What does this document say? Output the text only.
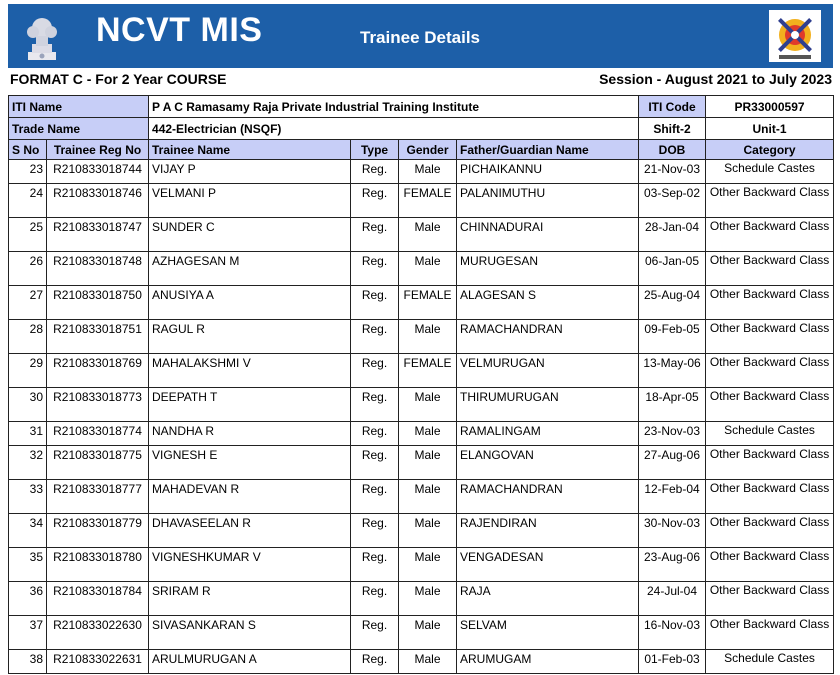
NCVT MIS	Trainee Details
FORMAT C - For 2 Year COURSE	Session - August 2021 to July 2023
ITI Name		P A C Ramasamy Raja Private Industrial Training Institute				ITI Code	PR33000597
Trade Name		442-Electrician (NSQF)				Shift-2	Unit-1
S No	Trainee Reg No	Trainee Name	Type	Gender	Father/Guardian Name	DOB	Category
23	R210833018744	VIJAY P	Reg.	Male	PICHAIKANNU	21-Nov-03	Schedule Castes
24	R210833018746	VELMANI P	Reg.	FEMALE	PALANIMUTHU	03-Sep-02	Other Backward Class
25	R210833018747	SUNDER C	Reg.	Male	CHINNADURAI	28-Jan-04	Other Backward Class
26	R210833018748	AZHAGESAN M	Reg.	Male	MURUGESAN	06-Jan-05	Other Backward Class
27	R210833018750	ANUSIYA A	Reg.	FEMALE	ALAGESAN S	25-Aug-04	Other Backward Class
28	R210833018751	RAGUL R	Reg.	Male	RAMACHANDRAN	09-Feb-05	Other Backward Class
29	R210833018769	MAHALAKSHMI V	Reg.	FEMALE	VELMURUGAN	13-May-06	Other Backward Class
30	R210833018773	DEEPATH T	Reg.	Male	THIRUMURUGAN	18-Apr-05	Other Backward Class
31	R210833018774	NANDHA R	Reg.	Male	RAMALINGAM	23-Nov-03	Schedule Castes
32	R210833018775	VIGNESH E	Reg.	Male	ELANGOVAN	27-Aug-06	Other Backward Class
33	R210833018777	MAHADEVAN R	Reg.	Male	RAMACHANDRAN	12-Feb-04	Other Backward Class
34	R210833018779	DHAVASEELAN R	Reg.	Male	RAJENDIRAN	30-Nov-03	Other Backward Class
35	R210833018780	VIGNESHKUMAR V	Reg.	Male	VENGADESAN	23-Aug-06	Other Backward Class
36	R210833018784	SRIRAM R	Reg.	Male	RAJA	24-Jul-04	Other Backward Class
37	R210833022630	SIVASANKARAN S	Reg.	Male	SELVAM	16-Nov-03	Other Backward Class
38	R210833022631	ARULMURUGAN A	Reg.	Male	ARUMUGAM	01-Feb-03	Schedule Castes
